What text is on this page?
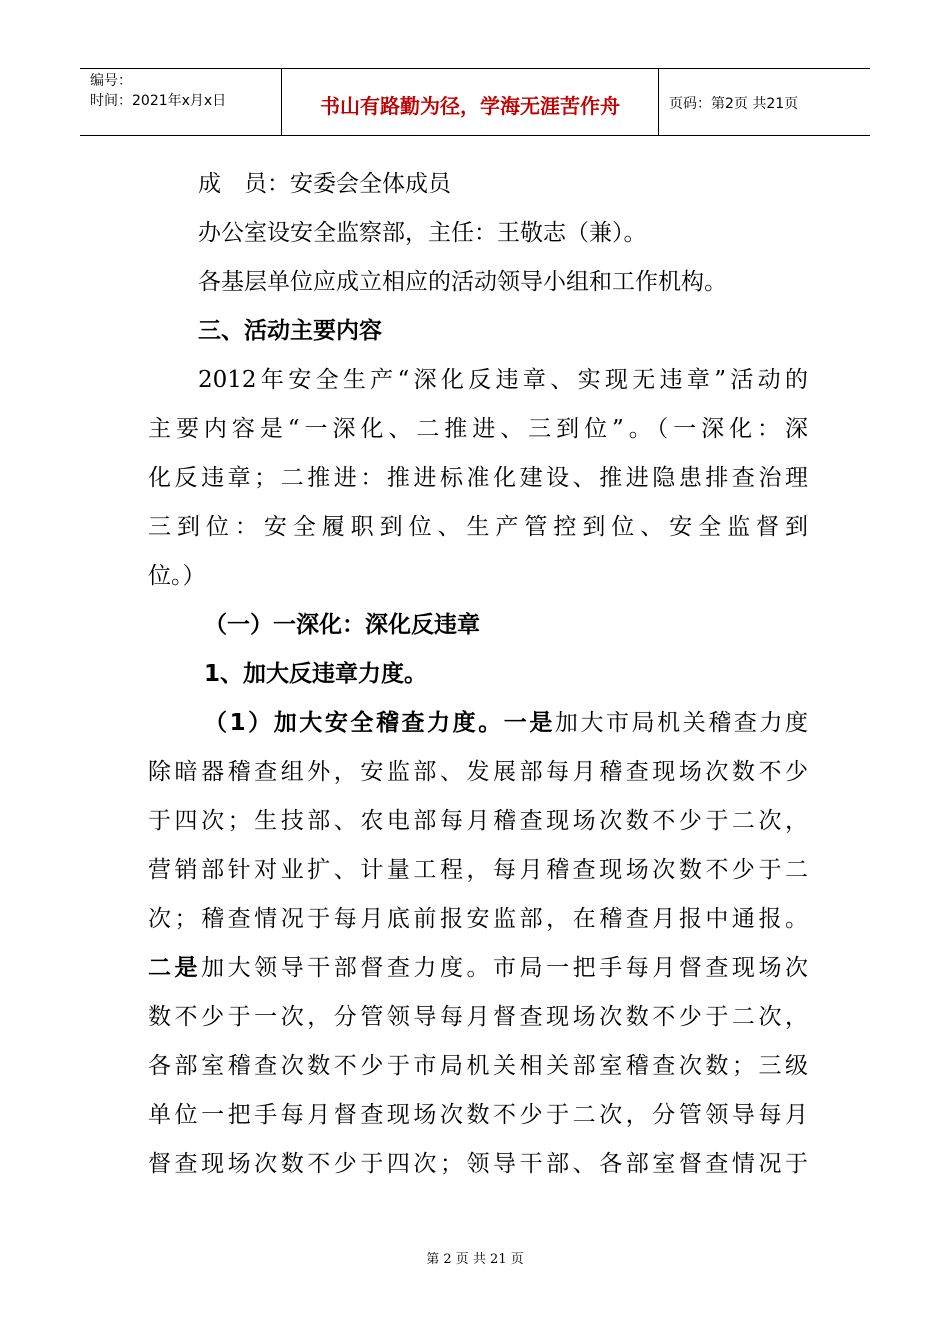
编号：
时间：2021年x月x日	书山有路勤为径，学海无涯苦作舟	页码：第2页 共21页
成　员：安委会全体成员
办公室设安全监察部，主任：王敬志（兼）。
各基层单位应成立相应的活动领导小组和工作机构。
三、活动主要内容
2012年安全生产“深化反违章、实现无违章”活动的
主要内容是“一深化、二推进、三到位”。（一深化：深
化反违章；二推进：推进标准化建设、推进隐患排查治理
三到位：安全履职到位、生产管控到位、安全监督到
位。）
（一）一深化：深化反违章
1、加大反违章力度。
（1）加大安全稽查力度。一是加大市局机关稽查力度
除暗器稽查组外，安监部、发展部每月稽查现场次数不少
于四次；生技部、农电部每月稽查现场次数不少于二次，
营销部针对业扩、计量工程，每月稽查现场次数不少于二
次；稽查情况于每月底前报安监部，在稽查月报中通报。
二是加大领导干部督查力度。市局一把手每月督查现场次
数不少于一次，分管领导每月督查现场次数不少于二次，
各部室稽查次数不少于市局机关相关部室稽查次数；三级
单位一把手每月督查现场次数不少于二次，分管领导每月
督查现场次数不少于四次；领导干部、各部室督查情况于
第 2 页 共 21 页
